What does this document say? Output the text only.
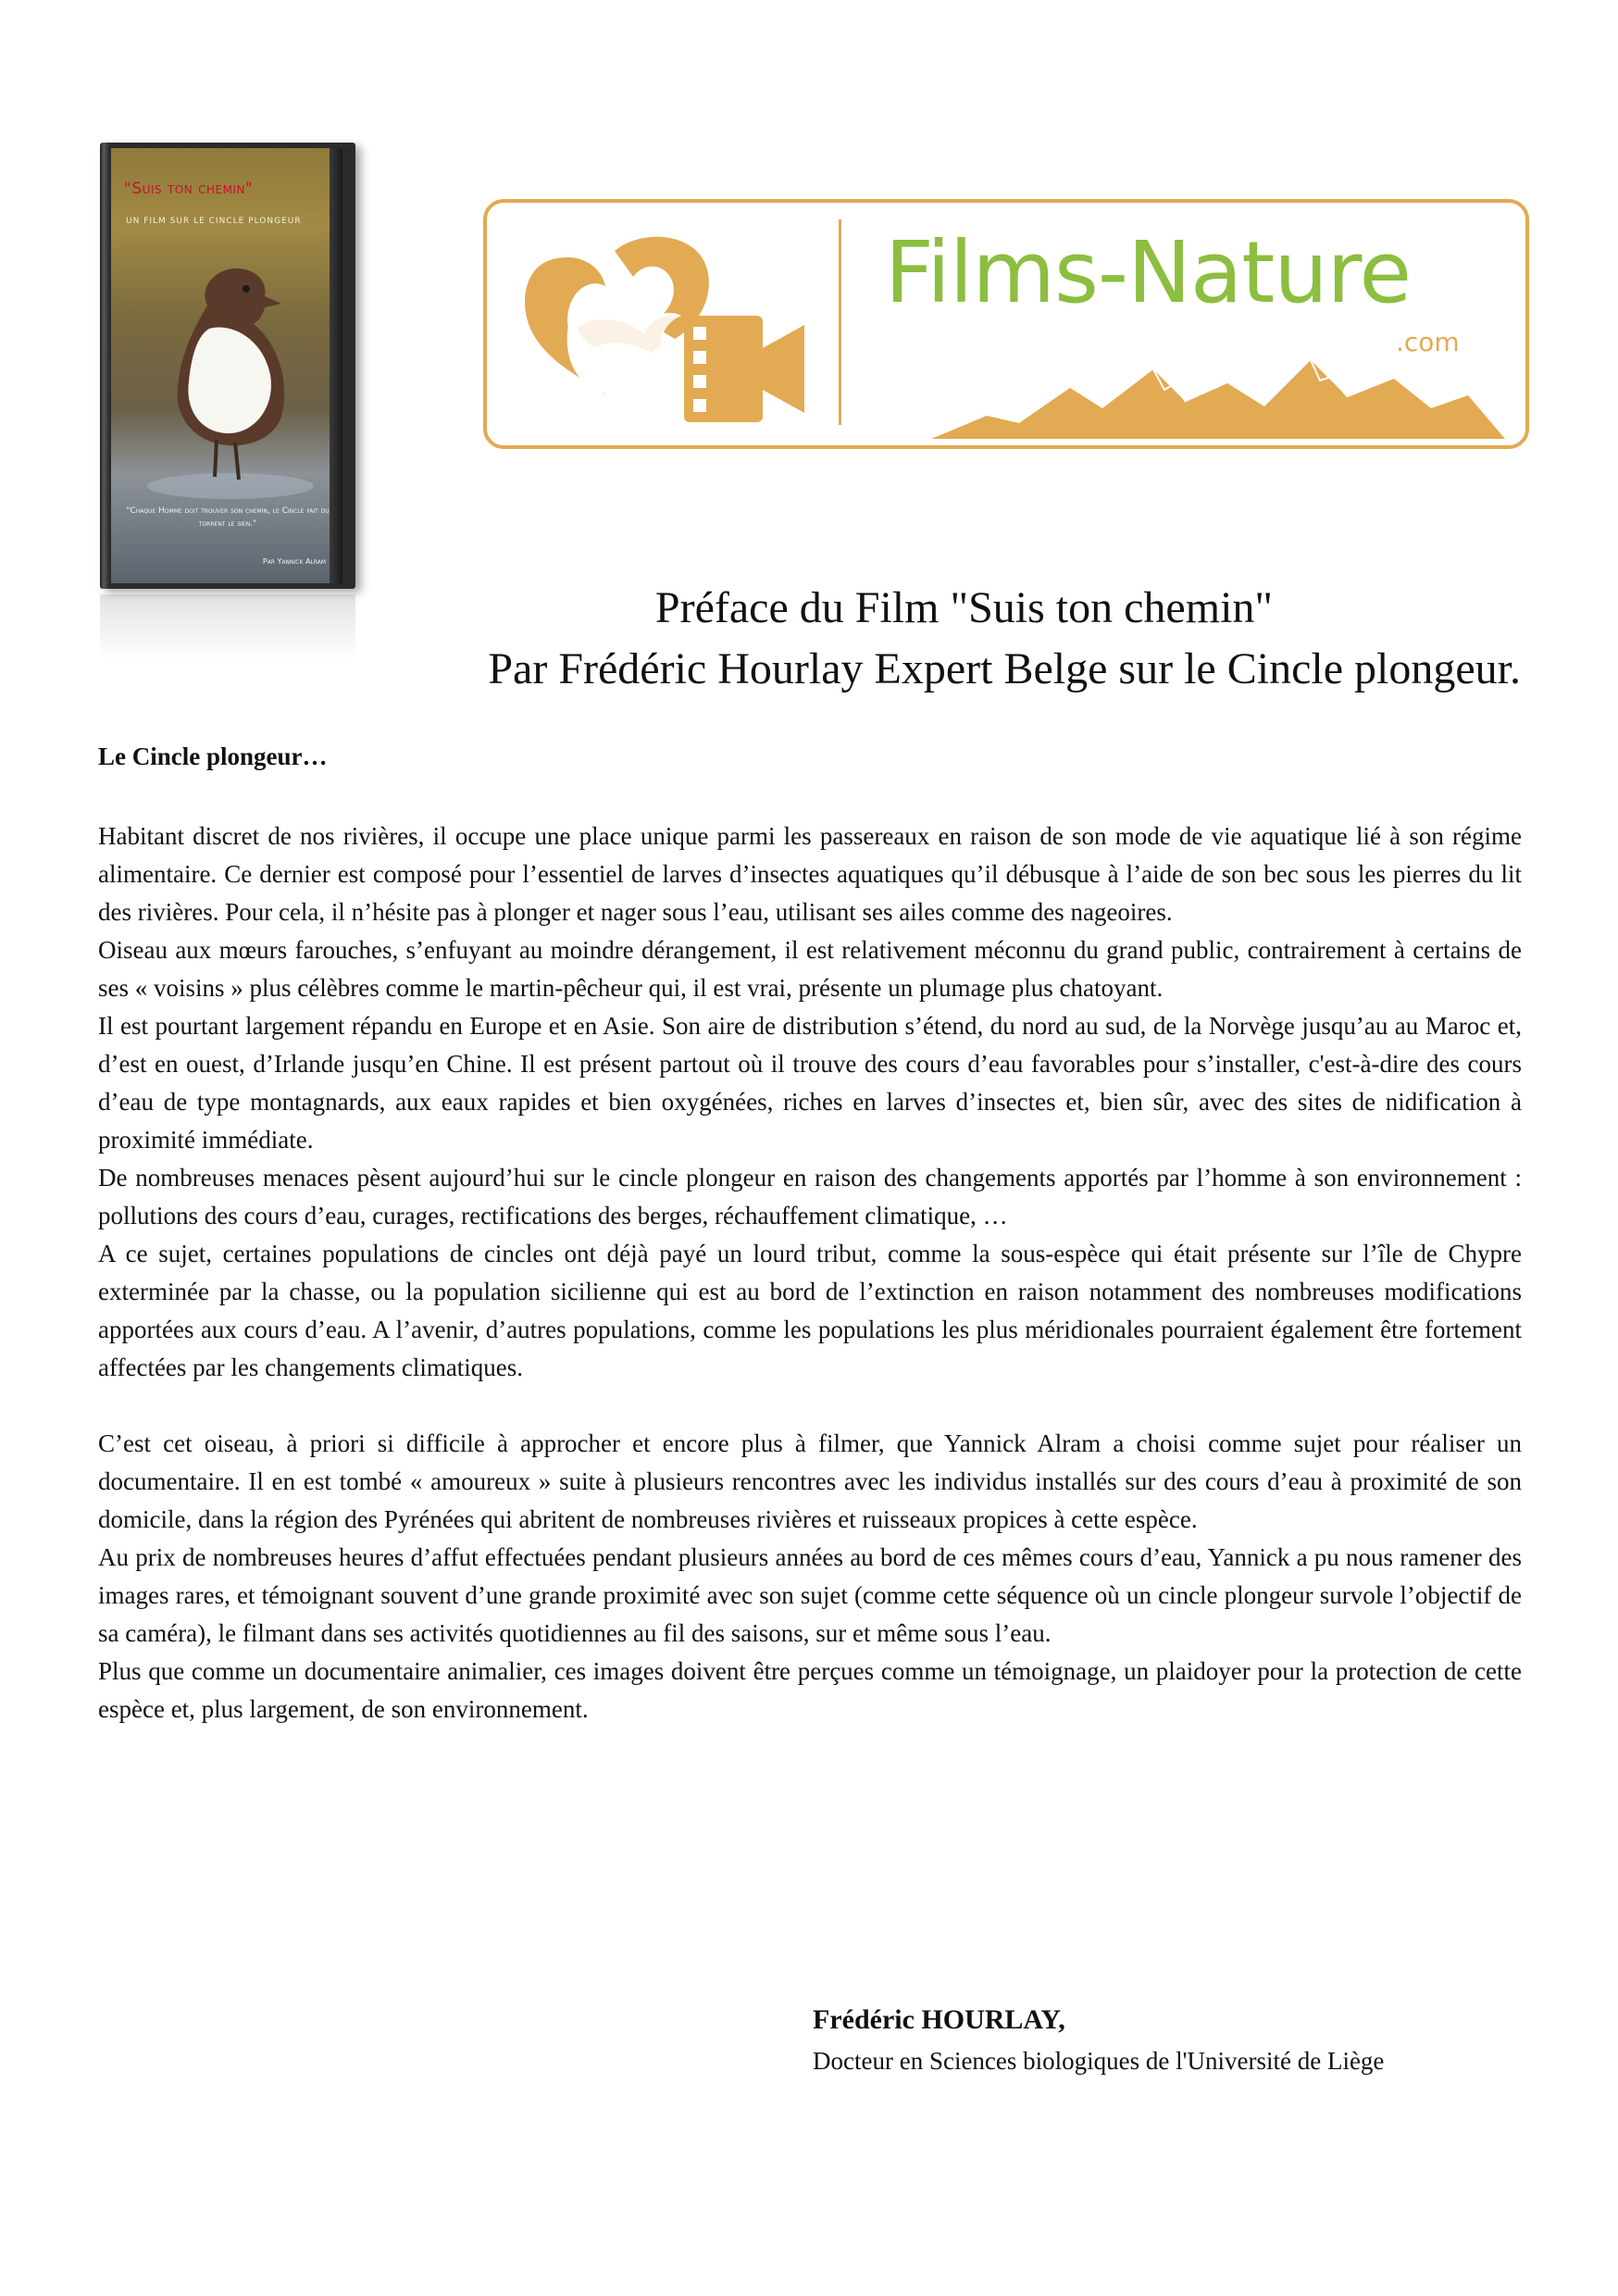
"Suis ton chemin"
UN FILM SUR LE CINCLE PLONGEUR
"Chaque Homme doit trouver son chemin, le Cincle fait du torrent le sien."
Par Yannick Alram
Films-Nature
.com
Préface du Film "Suis ton chemin"
Par Frédéric Hourlay Expert Belge sur le Cincle plongeur.
Le Cincle plongeur…

Habitant discret de nos rivières, il occupe une place unique parmi les passereaux en raison de son mode de vie aquatique lié à son régime alimentaire. Ce dernier est composé pour l’essentiel de larves d’insectes aquatiques qu’il débusque à l’aide de son bec sous les pierres du lit des rivières. Pour cela, il n’hésite pas à plonger et nager sous l’eau, utilisant ses ailes comme des nageoires.

Oiseau aux mœurs farouches, s’enfuyant au moindre dérangement, il est relativement méconnu du grand public, contrairement à certains de ses « voisins » plus célèbres comme le martin-pêcheur qui, il est vrai, présente un plumage plus chatoyant.

Il est pourtant largement répandu en Europe et en Asie. Son aire de distribution s’étend, du nord au sud, de la Norvège jusqu’au au Maroc et, d’est en ouest, d’Irlande jusqu’en Chine. Il est présent partout où il trouve des cours d’eau favorables pour s’installer, c'est-à-dire des cours d’eau de type montagnards, aux eaux rapides et bien oxygénées, riches en larves d’insectes et, bien sûr, avec des sites de nidification à proximité immédiate.

De nombreuses menaces pèsent aujourd’hui sur le cincle plongeur en raison des changements apportés par l’homme à son environnement : pollutions des cours d’eau, curages, rectifications des berges, réchauffement climatique, …

A ce sujet, certaines populations de cincles ont déjà payé un lourd tribut, comme la sous-espèce qui était présente sur l’île de Chypre exterminée par la chasse, ou la population sicilienne qui est au bord de l’extinction en raison notamment des nombreuses modifications apportées aux cours d’eau. A l’avenir, d’autres populations, comme les populations les plus méridionales pourraient également être fortement affectées par les changements climatiques.

C’est cet oiseau, à priori si difficile à approcher et encore plus à filmer, que Yannick Alram a choisi comme sujet pour réaliser un documentaire. Il en est tombé « amoureux » suite à plusieurs rencontres avec les individus installés sur des cours d’eau à proximité de son domicile, dans la région des Pyrénées qui abritent de nombreuses rivières et ruisseaux propices à cette espèce.

Au prix de nombreuses heures d’affut effectuées pendant plusieurs années au bord de ces mêmes cours d’eau, Yannick a pu nous ramener des images rares, et témoignant souvent d’une grande proximité avec son sujet (comme cette séquence où un cincle plongeur survole l’objectif de sa caméra), le filmant dans ses activités quotidiennes au fil des saisons, sur et même sous l’eau.

Plus que comme un documentaire animalier, ces images doivent être perçues comme un témoignage, un plaidoyer pour la protection de cette espèce et, plus largement, de son environnement.

Frédéric HOURLAY,
Docteur en Sciences biologiques de l'Université de Liège
